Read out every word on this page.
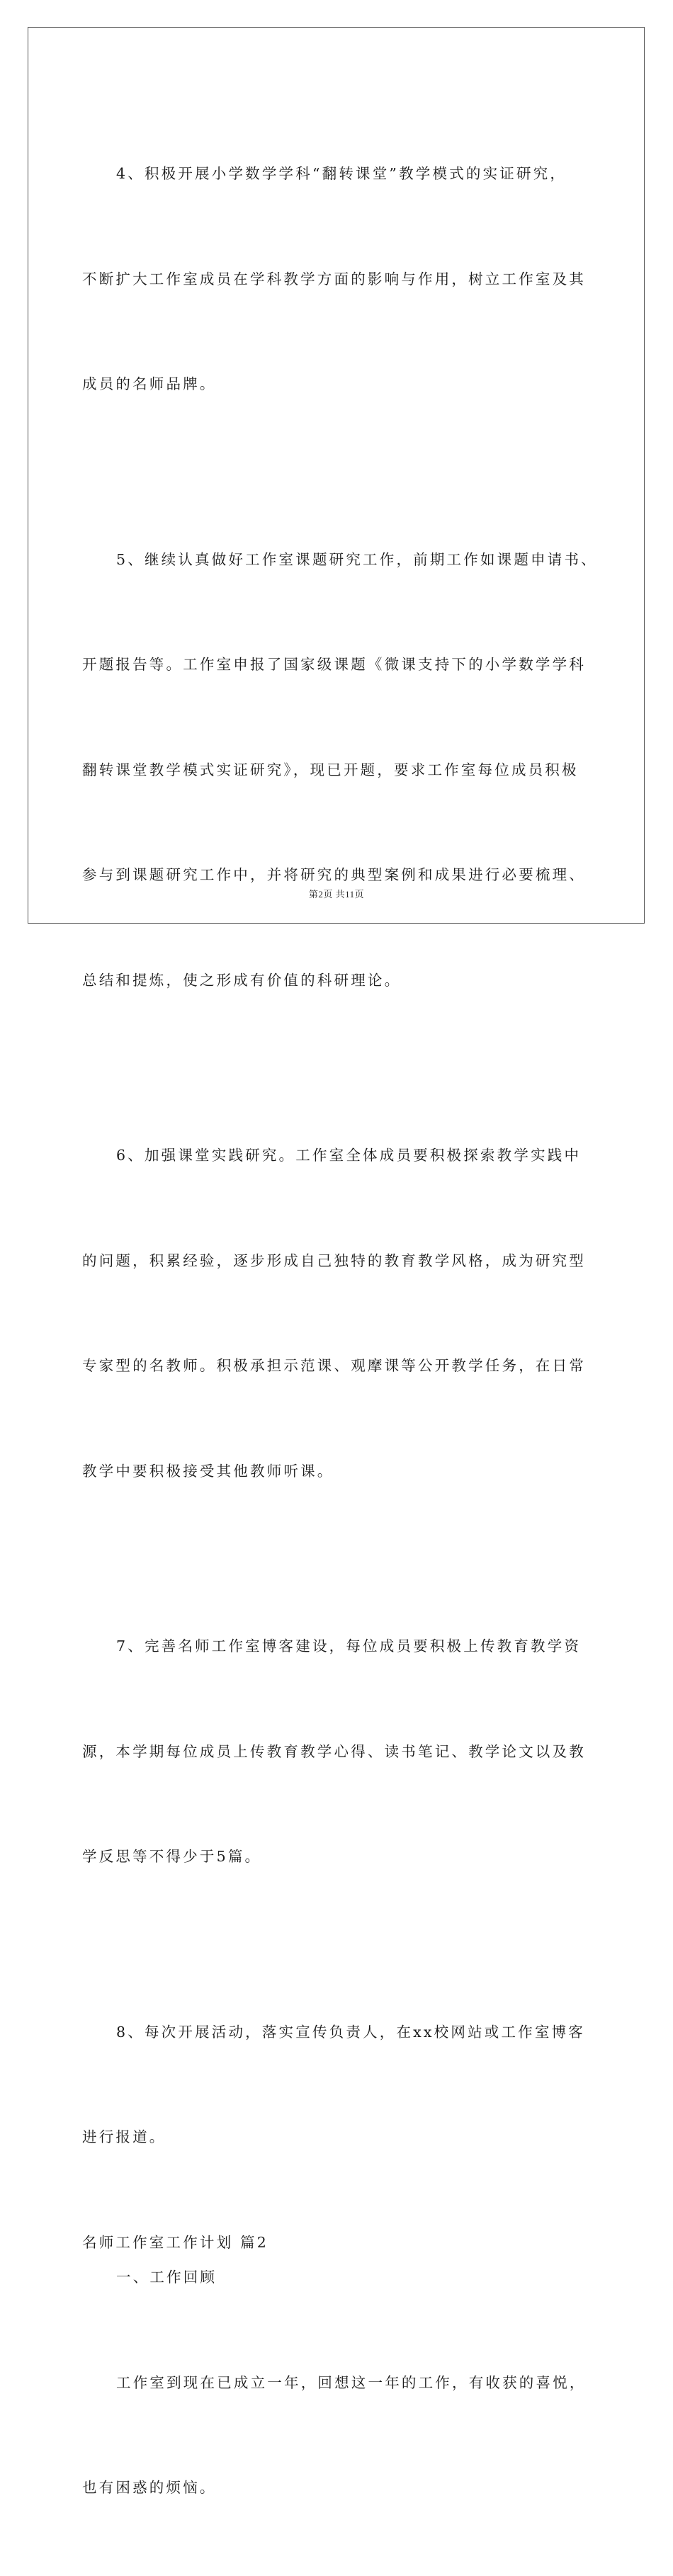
4、积极开展小学数学学科“翻转课堂”教学模式的实证研究，

不断扩大工作室成员在学科教学方面的影响与作用，树立工作室及其

成员的名师品牌。

5、继续认真做好工作室课题研究工作，前期工作如课题申请书、

开题报告等。工作室申报了国家级课题《微课支持下的小学数学学科

翻转课堂教学模式实证研究》，现已开题，要求工作室每位成员积极

参与到课题研究工作中，并将研究的典型案例和成果进行必要梳理、

总结和提炼，使之形成有价值的科研理论。

6、加强课堂实践研究。工作室全体成员要积极探索教学实践中

的问题，积累经验，逐步形成自己独特的教育教学风格，成为研究型

专家型的名教师。积极承担示范课、观摩课等公开教学任务，在日常

教学中要积极接受其他教师听课。

7、完善名师工作室博客建设，每位成员要积极上传教育教学资

源，本学期每位成员上传教育教学心得、读书笔记、教学论文以及教

学反思等不得少于5篇。

8、每次开展活动，落实宣传负责人，在xx校网站或工作室博客

进行报道。

名师工作室工作计划 篇2

一、工作回顾

工作室到现在已成立一年，回想这一年的工作，有收获的喜悦，

也有困惑的烦恼。

第2页 共11页
